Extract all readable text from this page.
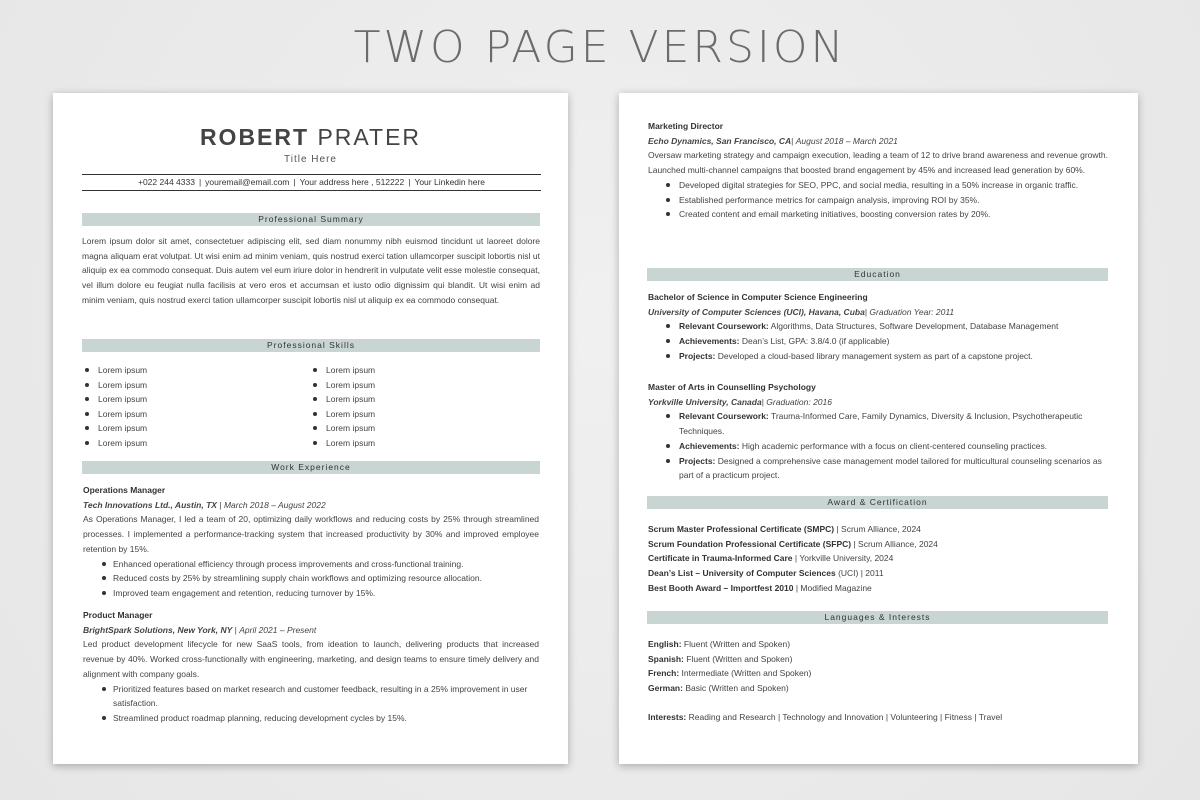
TWO PAGE VERSION
ROBERT PRATER
Title Here
+022 244 4333 | youremail@email.com | Your address here , 512222 | Your Linkedin here
Professional Summary
Lorem ipsum dolor sit amet, consectetuer adipiscing elit, sed diam nonummy nibh euismod tincidunt ut laoreet dolore magna aliquam erat volutpat. Ut wisi enim ad minim veniam, quis nostrud exerci tation ullamcorper suscipit lobortis nisl ut aliquip ex ea commodo consequat. Duis autem vel eum iriure dolor in hendrerit in vulputate velit esse molestie consequat, vel illum dolore eu feugiat nulla facilisis at vero eros et accumsan et iusto odio dignissim qui blandit. Ut wisi enim ad minim veniam, quis nostrud exerci tation ullamcorper suscipit lobortis nisl ut aliquip ex ea commodo consequat.
Professional Skills
Lorem ipsum
Lorem ipsum
Lorem ipsum
Lorem ipsum
Lorem ipsum
Lorem ipsum
Lorem ipsum
Lorem ipsum
Lorem ipsum
Lorem ipsum
Lorem ipsum
Lorem ipsum
Work Experience
Operations Manager
Tech Innovations Ltd., Austin, TX | March 2018 – August 2022
As Operations Manager, I led a team of 20, optimizing daily workflows and reducing costs by 25% through streamlined processes. I implemented a performance-tracking system that increased productivity by 30% and improved employee retention by 15%.
Enhanced operational efficiency through process improvements and cross-functional training.
Reduced costs by 25% by streamlining supply chain workflows and optimizing resource allocation.
Improved team engagement and retention, reducing turnover by 15%.
Product Manager
BrightSpark Solutions, New York, NY | April 2021 – Present
Led product development lifecycle for new SaaS tools, from ideation to launch, delivering products that increased revenue by 40%. Worked cross-functionally with engineering, marketing, and design teams to ensure timely delivery and alignment with company goals.
Prioritized features based on market research and customer feedback, resulting in a 25% improvement in user satisfaction.
Streamlined product roadmap planning, reducing development cycles by 15%.
Marketing Director
Echo Dynamics, San Francisco, CA| August 2018 – March 2021
Oversaw marketing strategy and campaign execution, leading a team of 12 to drive brand awareness and revenue growth. Launched multi-channel campaigns that boosted brand engagement by 45% and increased lead generation by 60%.
Developed digital strategies for SEO, PPC, and social media, resulting in a 50% increase in organic traffic.
Established performance metrics for campaign analysis, improving ROI by 35%.
Created content and email marketing initiatives, boosting conversion rates by 20%.
Education
Bachelor of Science in Computer Science Engineering
University of Computer Sciences (UCI), Havana, Cuba| Graduation Year: 2011
Relevant Coursework: Algorithms, Data Structures, Software Development, Database Management
Achievements: Dean’s List, GPA: 3.8/4.0 (if applicable)
Projects: Developed a cloud-based library management system as part of a capstone project.
Master of Arts in Counselling Psychology
Yorkville University, Canada| Graduation: 2016
Relevant Coursework: Trauma-Informed Care, Family Dynamics, Diversity & Inclusion, Psychotherapeutic Techniques.
Achievements: High academic performance with a focus on client-centered counseling practices.
Projects: Designed a comprehensive case management model tailored for multicultural counseling scenarios as part of a practicum project.
Award & Certification
Scrum Master Professional Certificate (SMPC) | Scrum Alliance, 2024
Scrum Foundation Professional Certificate (SFPC) | Scrum Alliance, 2024
Certificate in Trauma-Informed Care | Yorkville University, 2024
Dean’s List – University of Computer Sciences (UCI) | 2011
Best Booth Award – Importfest 2010 | Modified Magazine
Languages & Interests
English: Fluent (Written and Spoken)
Spanish: Fluent (Written and Spoken)
French: Intermediate (Written and Spoken)
German: Basic (Written and Spoken)
Interests: Reading and Research | Technology and Innovation | Volunteering | Fitness | Travel
